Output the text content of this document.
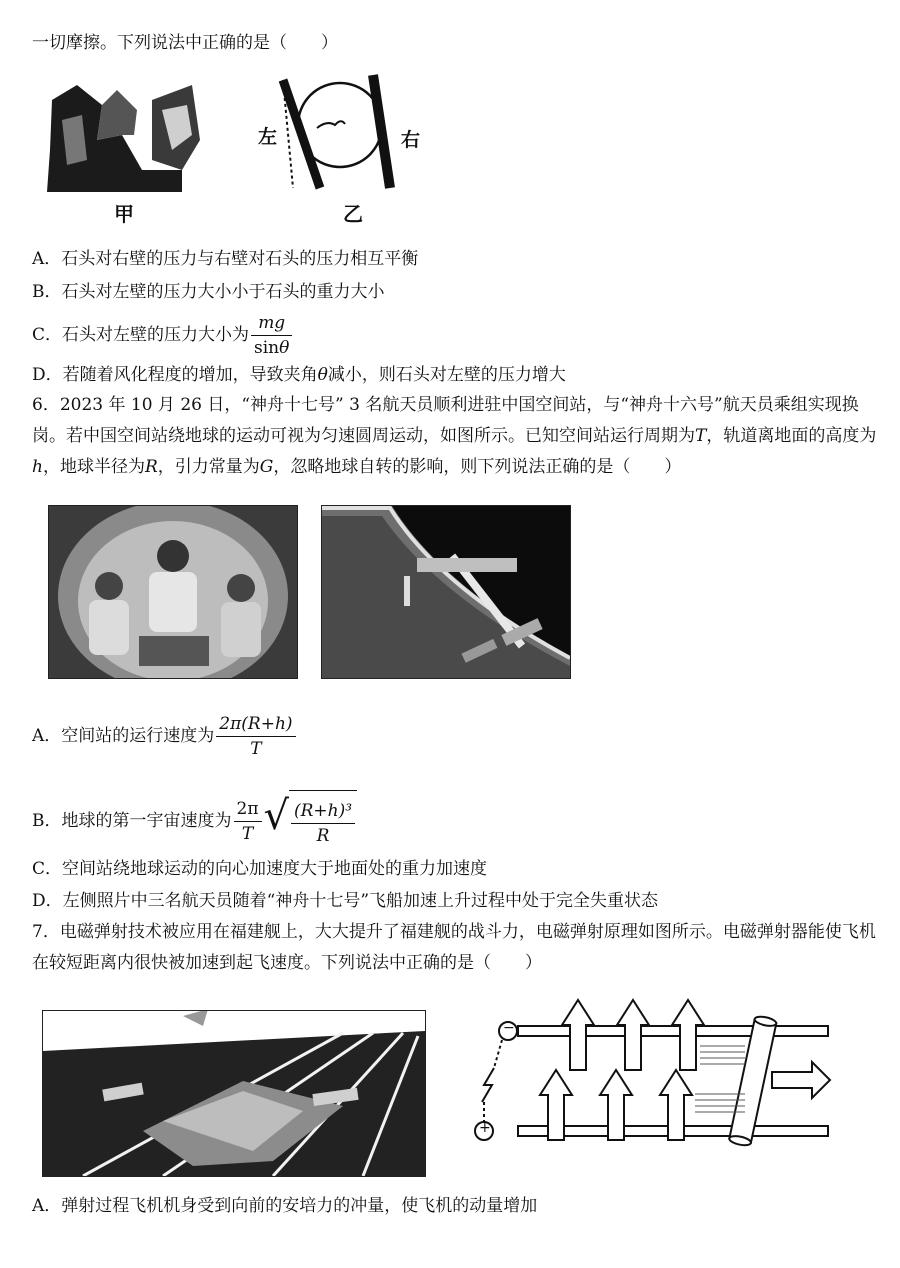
一切摩擦。下列说法中正确的是（　　）
甲
左	右
乙
A．石头对右壁的压力与右壁对石头的压力相互平衡
B．石头对左壁的压力大小小于石头的重力大小
C．石头对左壁的压力大小为 $\frac{mg}{\sin\theta}$
D．若随着风化程度的增加，导致夹角θ减小，则石头对左壁的压力增大
6．2023 年 10 月 26 日，“神舟十七号” 3 名航天员顺利进驻中国空间站，与“神舟十六号”航天员乘组实现换岗。若中国空间站绕地球的运动可视为匀速圆周运动，如图所示。已知空间站运行周期为T，轨道离地面的高度为h，地球半径为R，引力常量为G，忽略地球自转的影响，则下列说法正确的是（　　）
A．空间站的运行速度为 $\frac{2\pi(R+h)}{T}$
B．地球的第一宇宙速度为 $\frac{2\pi}{T}$ √ $\frac{\text{(R+h)³}}{R}$
C．空间站绕地球运动的向心加速度大于地面处的重力加速度
D．左侧照片中三名航天员随着“神舟十七号”飞船加速上升过程中处于完全失重状态
7．电磁弹射技术被应用在福建舰上，大大提升了福建舰的战斗力，电磁弹射原理如图所示。电磁弹射器能使飞机在较短距离内很快被加速到起飞速度。下列说法中正确的是（　　）
−
+
A．弹射过程飞机机身受到向前的安培力的冲量，使飞机的动量增加
